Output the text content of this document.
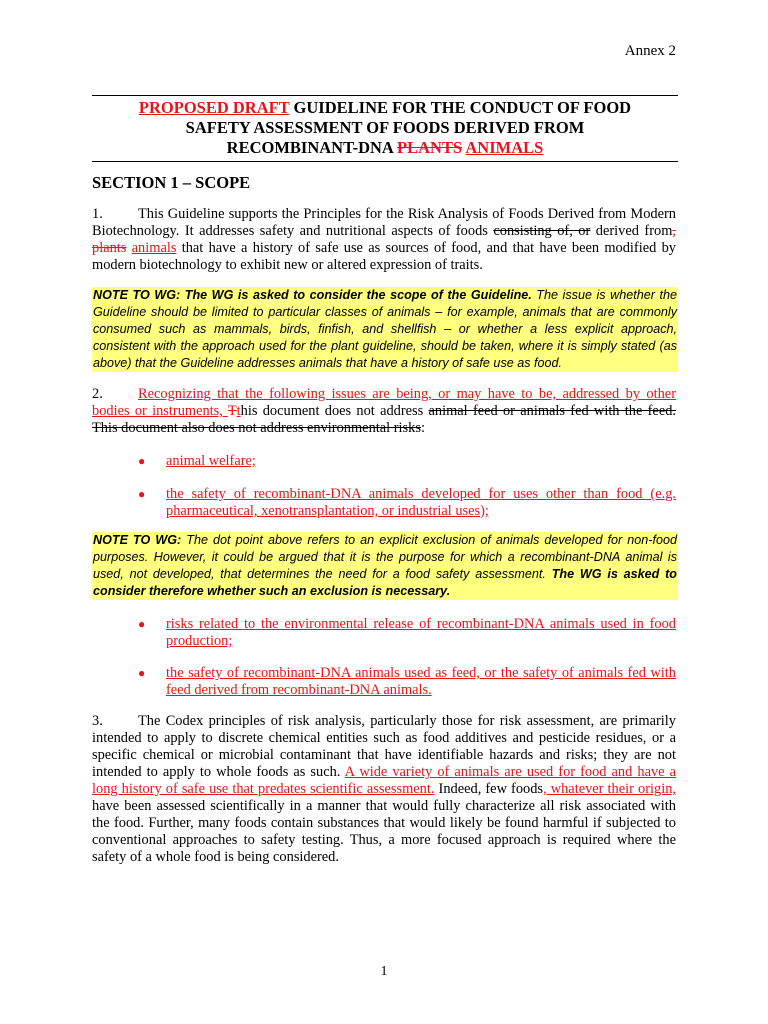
Annex 2
PROPOSED DRAFT GUIDELINE FOR THE CONDUCT OF FOOD
SAFETY ASSESSMENT OF FOODS DERIVED FROM
RECOMBINANT-DNA PLANTS ANIMALS
SECTION 1 – SCOPE
1. This Guideline supports the Principles for the Risk Analysis of Foods Derived from Modern Biotechnology. It addresses safety and nutritional aspects of foods consisting of, or derived from, plants animals that have a history of safe use as sources of food, and that have been modified by modern biotechnology to exhibit new or altered expression of traits.
NOTE TO WG: The WG is asked to consider the scope of the Guideline. The issue is whether the Guideline should be limited to particular classes of animals – for example, animals that are commonly consumed such as mammals, birds, finfish, and shellfish – or whether a less explicit approach, consistent with the approach used for the plant guideline, should be taken, where it is simply stated (as above) that the Guideline addresses animals that have a history of safe use as food.
2. Recognizing that the following issues are being, or may have to be, addressed by other bodies or instruments, Tthis document does not address animal feed or animals fed with the feed. This document also does not address environmental risks:
● animal welfare;
● the safety of recombinant-DNA animals developed for uses other than food (e.g. pharmaceutical, xenotransplantation, or industrial uses);
NOTE TO WG: The dot point above refers to an explicit exclusion of animals developed for non-food purposes. However, it could be argued that it is the purpose for which a recombinant-DNA animal is used, not developed, that determines the need for a food safety assessment. The WG is asked to consider therefore whether such an exclusion is necessary.
● risks related to the environmental release of recombinant-DNA animals used in food production;
● the safety of recombinant-DNA animals used as feed, or the safety of animals fed with feed derived from recombinant-DNA animals.
3. The Codex principles of risk analysis, particularly those for risk assessment, are primarily intended to apply to discrete chemical entities such as food additives and pesticide residues, or a specific chemical or microbial contaminant that have identifiable hazards and risks; they are not intended to apply to whole foods as such. A wide variety of animals are used for food and have a long history of safe use that predates scientific assessment. Indeed, few foods, whatever their origin, have been assessed scientifically in a manner that would fully characterize all risk associated with the food. Further, many foods contain substances that would likely be found harmful if subjected to conventional approaches to safety testing. Thus, a more focused approach is required where the safety of a whole food is being considered.
1
